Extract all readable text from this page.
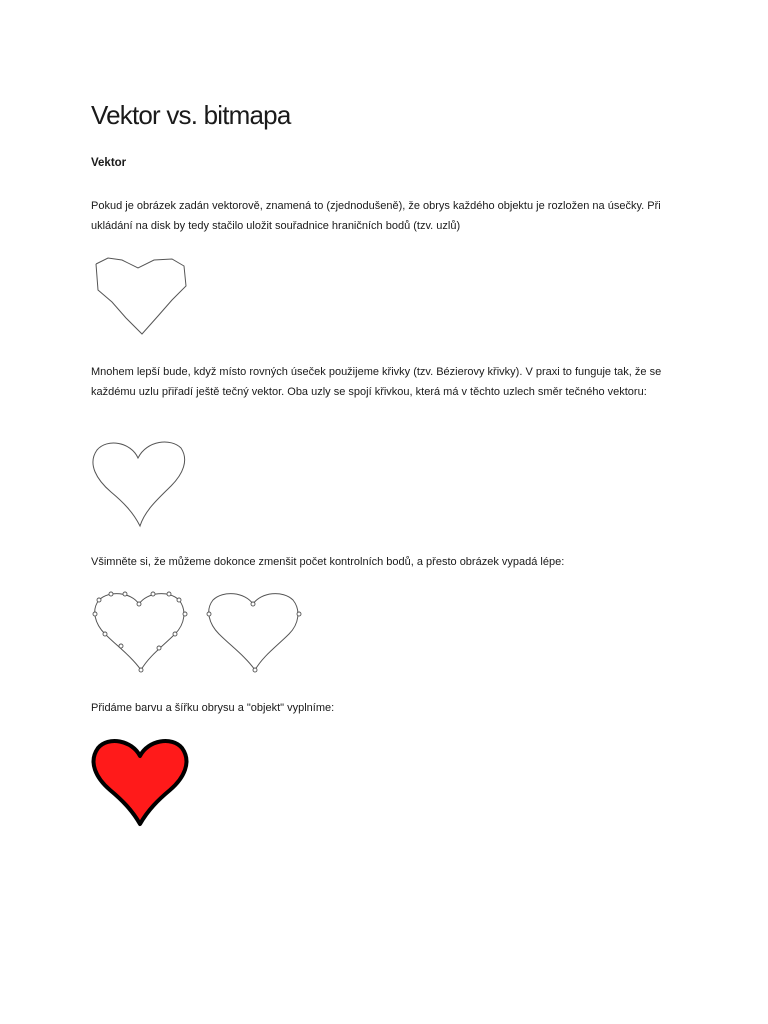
Vektor vs. bitmapa
Vektor

Pokud je obrázek zadán vektorově, znamená to (zjednodušeně), že obrys každého objektu je rozložen na úsečky. Při ukládání na disk by tedy stačilo uložit souřadnice hraničních bodů (tzv. uzlů)

Mnohem lepší bude, když místo rovných úseček použijeme křivky (tzv. Bézierovy křivky). V praxi to funguje tak, že se každému uzlu přiřadí ještě tečný vektor. Oba uzly se spojí křivkou, která má v těchto uzlech směr tečného vektoru:

Všimněte si, že můžeme dokonce zmenšit počet kontrolních bodů, a přesto obrázek vypadá lépe:

Přidáme barvu a šířku obrysu a "objekt" vyplníme:
